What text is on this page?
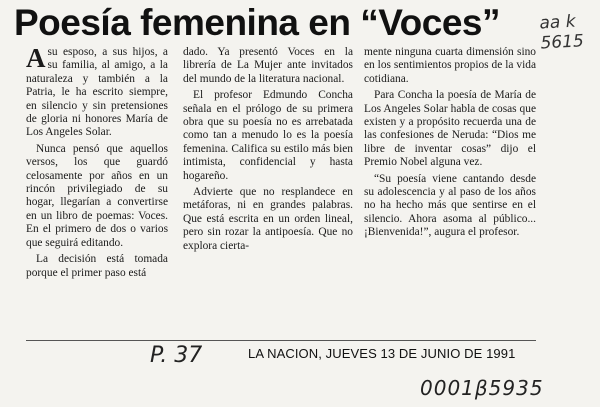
Poesía femenina en “Voces”	aa k
5615

Asu esposo, a sus hijos, a su familia, al amigo, a la naturaleza y también a la Patria, le ha escrito siempre, en silencio y sin pretensiones de gloria ni honores María de Los Angeles Solar.

Nunca pensó que aquellos versos, los que guardó celosamente por años en un rincón privilegiado de su hogar, llegarían a convertirse en un libro de poemas: Voces. En el primero de dos o varios que seguirá editando.

La decisión está tomada porque el primer paso está

dado. Ya presentó Voces en la librería de La Mujer ante invitados del mundo de la literatura nacional.

El profesor Edmundo Concha señala en el prólogo de su primera obra que su poesía no es arrebatada como tan a menudo lo es la poesía femenina. Califica su estilo más bien intimista, confidencial y hasta hogareño.

Advierte que no resplandece en metáforas, ni en grandes palabras. Que está escrita en un orden lineal, pero sin rozar la antipoesía. Que no explora cierta-

mente ninguna cuarta dimensión sino en los sentimientos propios de la vida cotidiana.

Para Concha la poesía de María de Los Angeles Solar habla de cosas que existen y a propósito recuerda una de las confesiones de Neruda: “Dios me libre de inventar cosas” dijo el Premio Nobel alguna vez.

“Su poesía viene cantando desde su adolescencia y al paso de los años no ha hecho más que sentirse en el silencio. Ahora asoma al público... ¡Bienvenida!”, augura el profesor.

P. 37	LA NACION, JUEVES 13 DE JUNIO DE 1991
0001β5935
